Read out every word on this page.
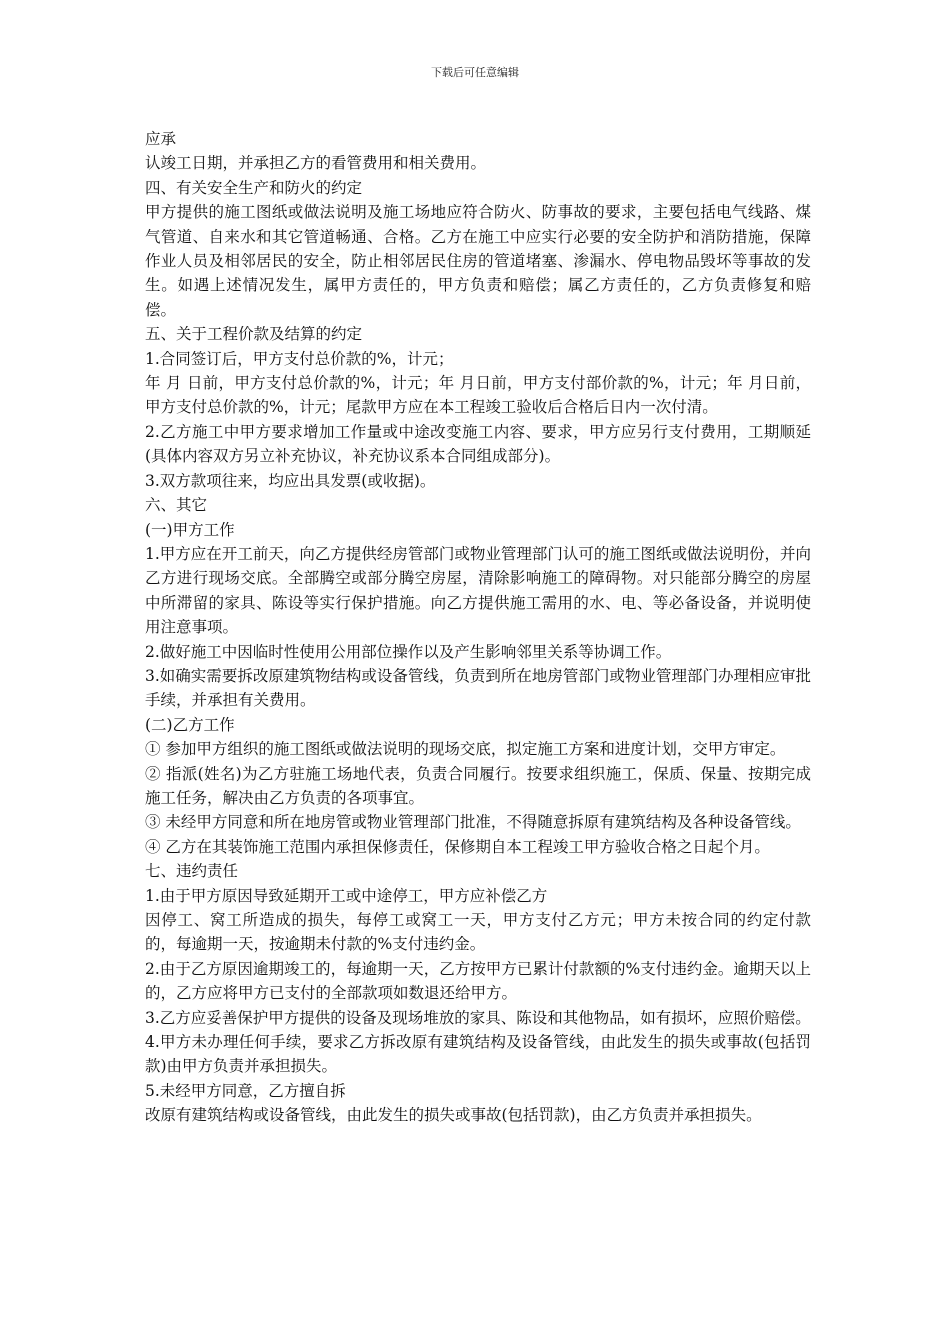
下载后可任意编辑

应承

认竣工日期，并承担乙方的看管费用和相关费用。

四、有关安全生产和防火的约定

甲方提供的施工图纸或做法说明及施工场地应符合防火、防事故的要求，主要包括电气线路、煤气管道、自来水和其它管道畅通、合格。乙方在施工中应实行必要的安全防护和消防措施，保障作业人员及相邻居民的安全，防止相邻居民住房的管道堵塞、渗漏水、停电物品毁坏等事故的发生。如遇上述情况发生，属甲方责任的，甲方负责和赔偿；属乙方责任的，乙方负责修复和赔偿。

五、关于工程价款及结算的约定

1.合同签订后，甲方支付总价款的%，计元；

年 月 日前，甲方支付总价款的%，计元；年 月日前，甲方支付部价款的%，计元；年 月日前，甲方支付总价款的%，计元；尾款甲方应在本工程竣工验收后合格后日内一次付清。

2.乙方施工中甲方要求增加工作量或中途改变施工内容、要求，甲方应另行支付费用，工期顺延(具体内容双方另立补充协议，补充协议系本合同组成部分)。

3.双方款项往来，均应出具发票(或收据)。

六、其它

(一)甲方工作

1.甲方应在开工前天，向乙方提供经房管部门或物业管理部门认可的施工图纸或做法说明份，并向乙方进行现场交底。全部腾空或部分腾空房屋，清除影响施工的障碍物。对只能部分腾空的房屋中所滞留的家具、陈设等实行保护措施。向乙方提供施工需用的水、电、等必备设备，并说明使用注意事项。

2.做好施工中因临时性使用公用部位操作以及产生影响邻里关系等协调工作。

3.如确实需要拆改原建筑物结构或设备管线，负责到所在地房管部门或物业管理部门办理相应审批手续，并承担有关费用。

(二)乙方工作

① 参加甲方组织的施工图纸或做法说明的现场交底，拟定施工方案和进度计划，交甲方审定。

② 指派(姓名)为乙方驻施工场地代表，负责合同履行。按要求组织施工，保质、保量、按期完成施工任务，解决由乙方负责的各项事宜。

③ 未经甲方同意和所在地房管或物业管理部门批准，不得随意拆原有建筑结构及各种设备管线。

④ 乙方在其装饰施工范围内承担保修责任，保修期自本工程竣工甲方验收合格之日起个月。

七、违约责任

1.由于甲方原因导致延期开工或中途停工，甲方应补偿乙方

因停工、窝工所造成的损失，每停工或窝工一天，甲方支付乙方元；甲方未按合同的约定付款的，每逾期一天，按逾期未付款的%支付违约金。

2.由于乙方原因逾期竣工的，每逾期一天，乙方按甲方已累计付款额的%支付违约金。逾期天以上的，乙方应将甲方已支付的全部款项如数退还给甲方。

3.乙方应妥善保护甲方提供的设备及现场堆放的家具、陈设和其他物品，如有损坏，应照价赔偿。

4.甲方未办理任何手续，要求乙方拆改原有建筑结构及设备管线，由此发生的损失或事故(包括罚款)由甲方负责并承担损失。

5.未经甲方同意，乙方擅自拆

改原有建筑结构或设备管线，由此发生的损失或事故(包括罚款)，由乙方负责并承担损失。
